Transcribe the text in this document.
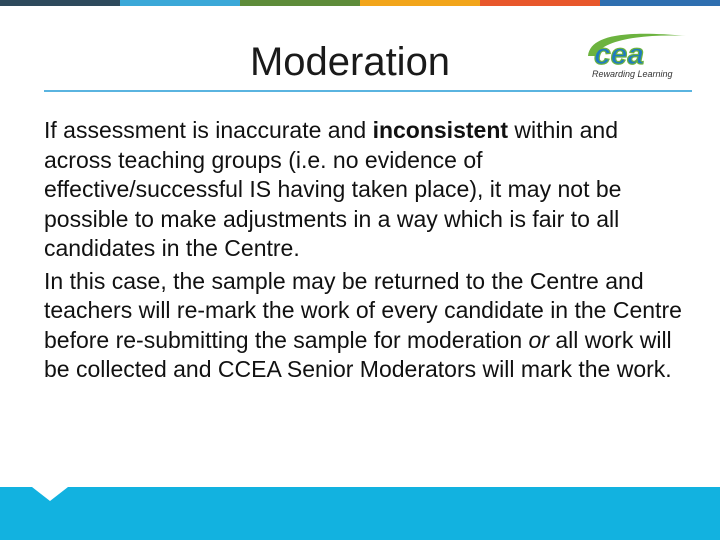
Moderation	cea
Rewarding Learning

If assessment is inaccurate and inconsistent within and across teaching groups (i.e. no evidence of effective/successful IS having taken place), it may not be possible to make adjustments in a way which is fair to all candidates in the Centre.

In this case, the sample may be returned to the Centre and teachers will re-mark the work of every candidate in the Centre before re-submitting the sample for moderation or all work will be collected and CCEA Senior Moderators will mark the work.
